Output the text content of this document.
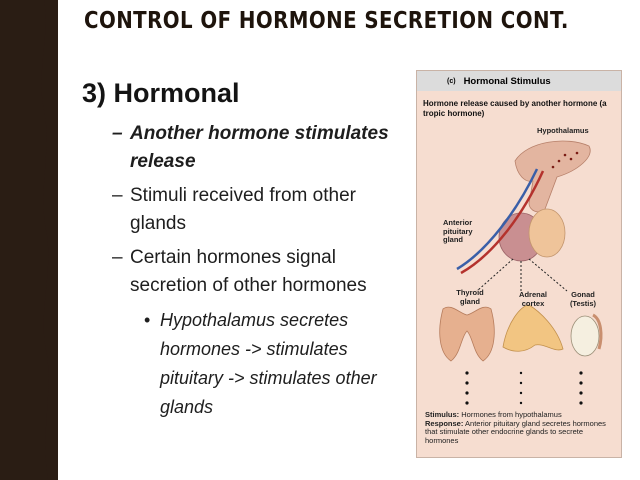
CONTROL OF HORMONE SECRETION CONT.
3) Hormonal
– Another hormone stimulates release
– Stimuli received from other glands
– Certain hormones signal secretion of other hormones
• Hypothalamus secretes hormones -> stimulates pituitary -> stimulates other glands
(c) Hormonal Stimulus
Hormone release caused by another hormone (a tropic hormone)
Hypothalamus
Anterior pituitary gland
Thyroid gland
Adrenal cortex
Gonad (Testis)
Stimulus: Hormones from hypothalamus
Response: Anterior pituitary gland secretes hormones that stimulate other endocrine glands to secrete hormones
